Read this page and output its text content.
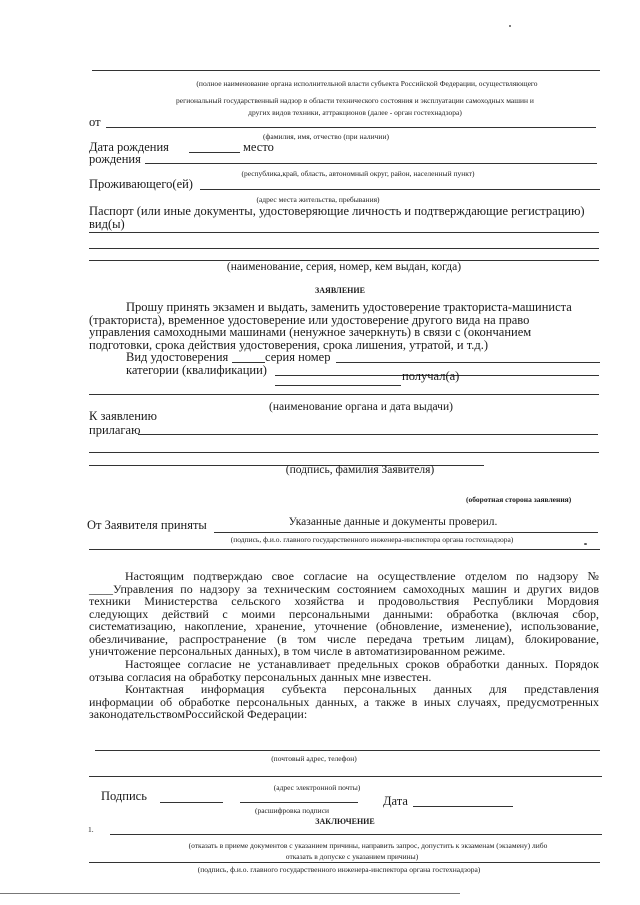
(полное наименование органа исполнительной власти субъекта Российской Федерации, осуществляющего
региональный государственный надзор в области технического состояния и эксплуатации самоходных машин и
других видов техники, аттракционов (далее - орган гостехнадзора)
от
(фамилия, имя, отчество (при наличии)
Дата рождения	место
рождения
(республика,край, область, автономный округ, район, населенный пункт)
Проживающего(ей)
(адрес места жительства, пребывания)
Паспорт (или иные документы, удостоверяющие личность и подтверждающие регистрацию)
вид(ы)
(наименование, серия, номер, кем выдан, когда)
ЗАЯВЛЕНИЕ
Прошу принять экзамен и выдать, заменить удостоверение тракториста-машиниста
(тракториста), временное удостоверение или удостоверение другого вида на право
управления самоходными машинами (ненужное зачеркнуть) в связи с (окончанием
подготовки, срока действия удостоверения, срока лишения, утратой, и т.д.)
Вид удостоверения	серия номер
категории (квалификации)	получал(а)
(наименование органа и дата выдачи)
К заявлению
прилагаю
(подпись, фамилия Заявителя)
(оборотная сторона заявления)
Указанные данные и документы проверил.
От Заявителя приняты
(подпись, ф.и.о. главного государственного инженера-инспектора органа гостехнадзора)
Настоящим подтверждаю свое согласие на осуществление отделом по надзору №
____Управления по надзору за техническим состоянием самоходных машин и других видов
техники Министерства сельского хозяйства и продовольствия Республики Мордовия
следующих действий с моими персональными данными: обработка (включая сбор,
систематизацию, накопление, хранение, уточнение (обновление, изменение), использование,
обезличивание, распространение (в том числе передача третьим лицам), блокирование,
уничтожение персональных данных), в том числе в автоматизированном режиме.
Настоящее согласие не устанавливает предельных сроков обработки данных. Порядок
отзыва согласия на обработку персональных данных мне известен.
Контактная информация субъекта персональных данных для представления
информации об обработке персональных данных, а также в иных случаях, предусмотренных
законодательствомРоссийской Федерации:
(почтовый адрес, телефон)
(адрес электронной почты)
Подпись	Дата
(расшифровка подписи
ЗАКЛЮЧЕНИЕ
1.
(отказать в приеме документов с указанием причины, направить запрос, допустить к экзаменам (экзамену) либо
отказать в допуске с указанием причины)
(подпись, ф.и.о. главного государственного инженера-инспектора органа гостехнадзора)
